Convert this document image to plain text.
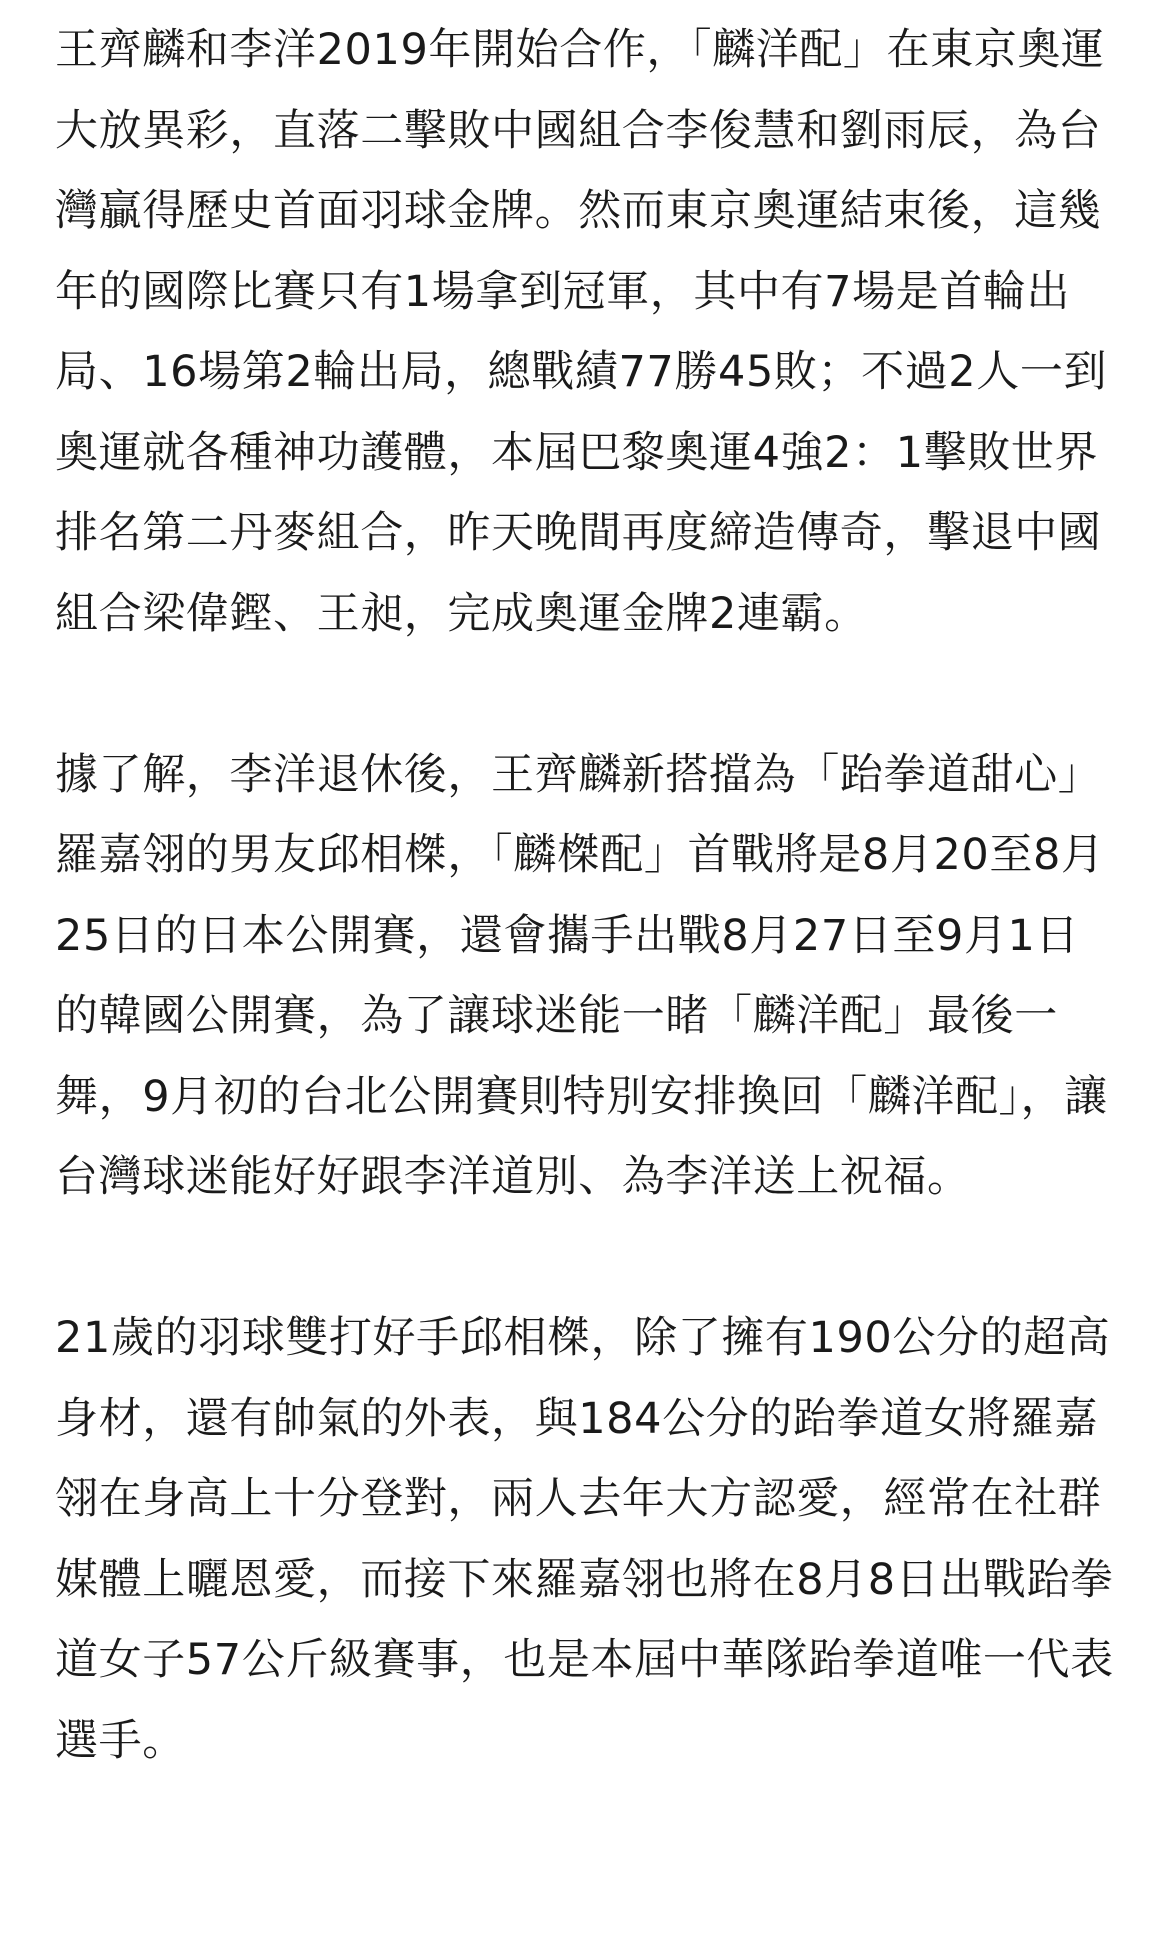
王齊麟和李洋2019年開始合作，「麟洋配」在東京奧運大放異彩，直落二擊敗中國組合李俊慧和劉雨辰，為台灣贏得歷史首面羽球金牌。然而東京奧運結束後，這幾年的國際比賽只有1場拿到冠軍，其中有7場是首輪出局、16場第2輪出局，總戰績77勝45敗；不過2人一到奧運就各種神功護體，本屆巴黎奧運4強2：1擊敗世界排名第二丹麥組合，昨天晚間再度締造傳奇，擊退中國組合梁偉鏗、王昶，完成奧運金牌2連霸。

據了解，李洋退休後，王齊麟新搭擋為「跆拳道甜心」羅嘉翎的男友邱相榤，「麟榤配」首戰將是8月20至8月25日的日本公開賽，還會攜手出戰8月27日至9月1日的韓國公開賽，為了讓球迷能一睹「麟洋配」最後一舞，9月初的台北公開賽則特別安排換回「麟洋配」，讓台灣球迷能好好跟李洋道別、為李洋送上祝福。

21歲的羽球雙打好手邱相榤，除了擁有190公分的超高身材，還有帥氣的外表，與184公分的跆拳道女將羅嘉翎在身高上十分登對，兩人去年大方認愛，經常在社群媒體上曬恩愛，而接下來羅嘉翎也將在8月8日出戰跆拳道女子57公斤級賽事，也是本屆中華隊跆拳道唯一代表選手。
